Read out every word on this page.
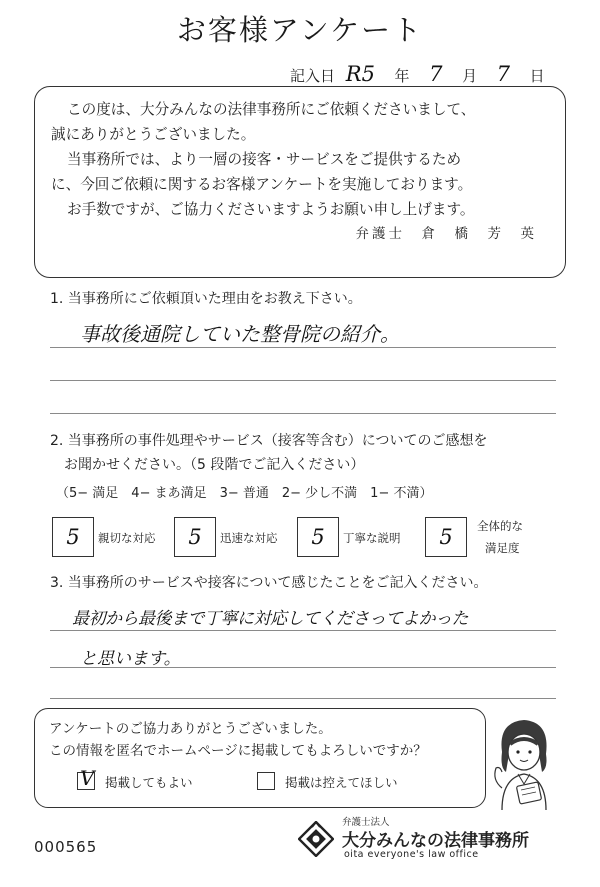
お客様アンケート
記入日 R5 年 7 月 7 日

この度は、大分みんなの法律事務所にご依頼くださいまして、

誠にありがとうございました。

当事務所では、より一層の接客・サービスをご提供するため

に、今回ご依頼に関するお客様アンケートを実施しております。

お手数ですが、ご協力くださいますようお願い申し上げます。

弁護士　倉　橋　芳　英

1. 当事務所にご依頼頂いた理由をお教え下さい。
事故後通院していた整骨院の紹介。
2. 当事務所の事件処理やサービス（接客等含む）についてのご感想を
お聞かせください。（5 段階でご記入ください）
（5− 満足　4− まあ満足　3− 普通　2− 少し不満　1− 不満）
5	親切な対応	5	迅速な対応	5	丁寧な説明	5	全体的な
満足度
3. 当事務所のサービスや接客について感じたことをご記入ください。
最初から最後まで丁寧に対応してくださってよかった
と思います。
アンケートのご協力ありがとうございました。
この情報を匿名でホームページに掲載してもよろしいですか？
V 掲載してもよい	掲載は控えてほしい
000565
弁護士法人
大分みんなの法律事務所
oita everyone's law office
